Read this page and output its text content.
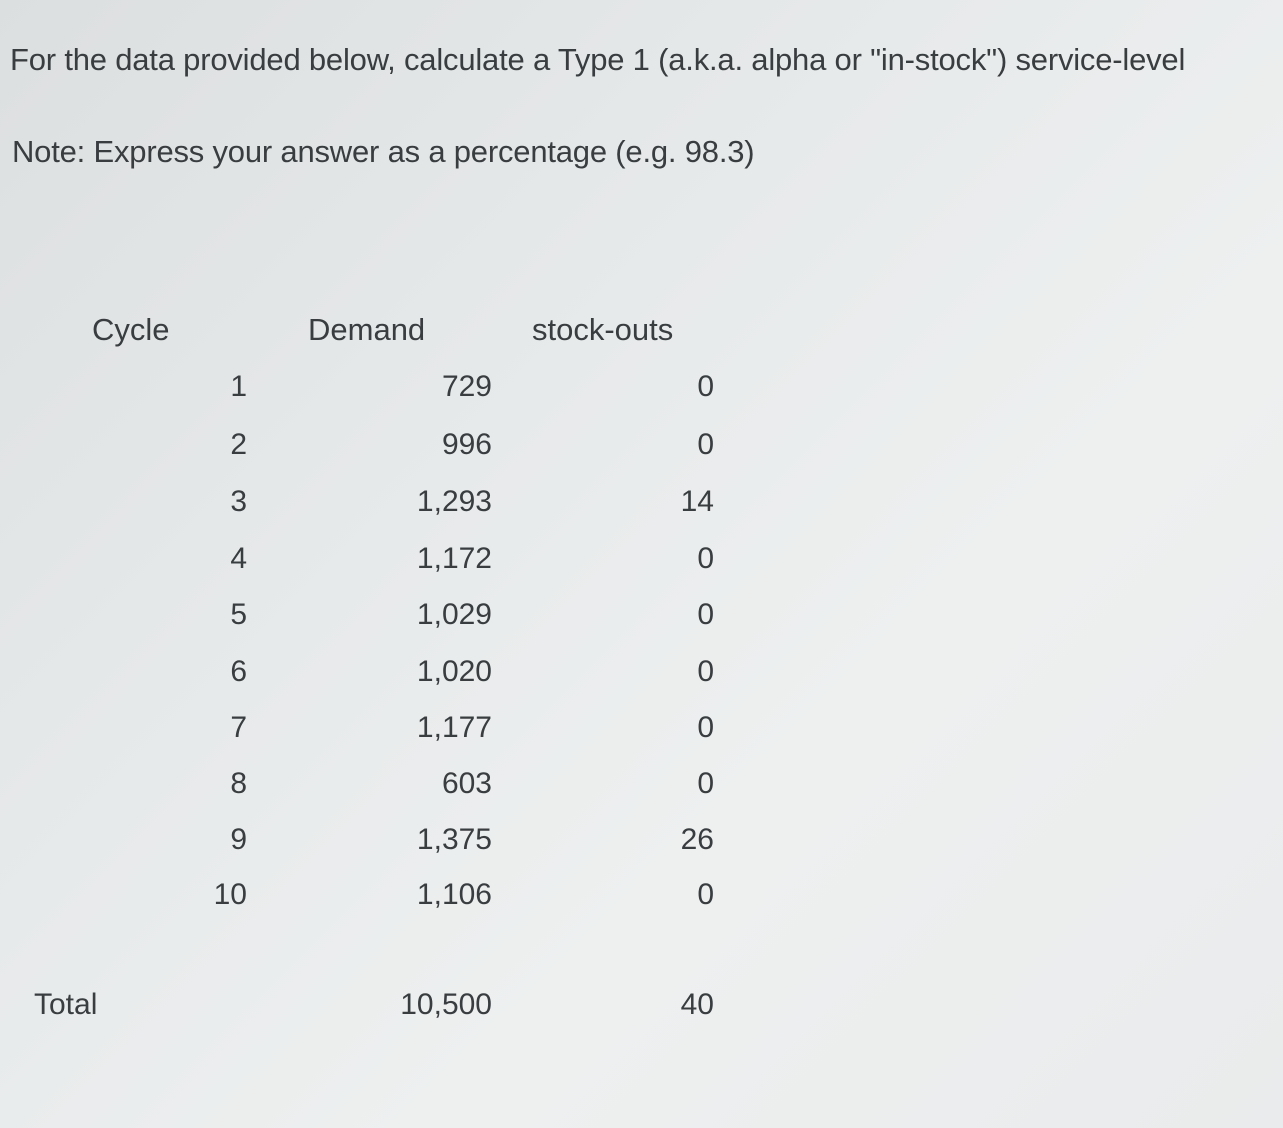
For the data provided below, calculate a Type 1 (a.k.a. alpha or "in-stock") service-level
Note: Express your answer as a percentage (e.g. 98.3)
Cycle	Demand	stock-outs
1	729	0
2	996	0
3	1,293	14
4	1,172	0
5	1,029	0
6	1,020	0
7	1,177	0
8	603	0
9	1,375	26
10	1,106	0
Total	10,500	40
